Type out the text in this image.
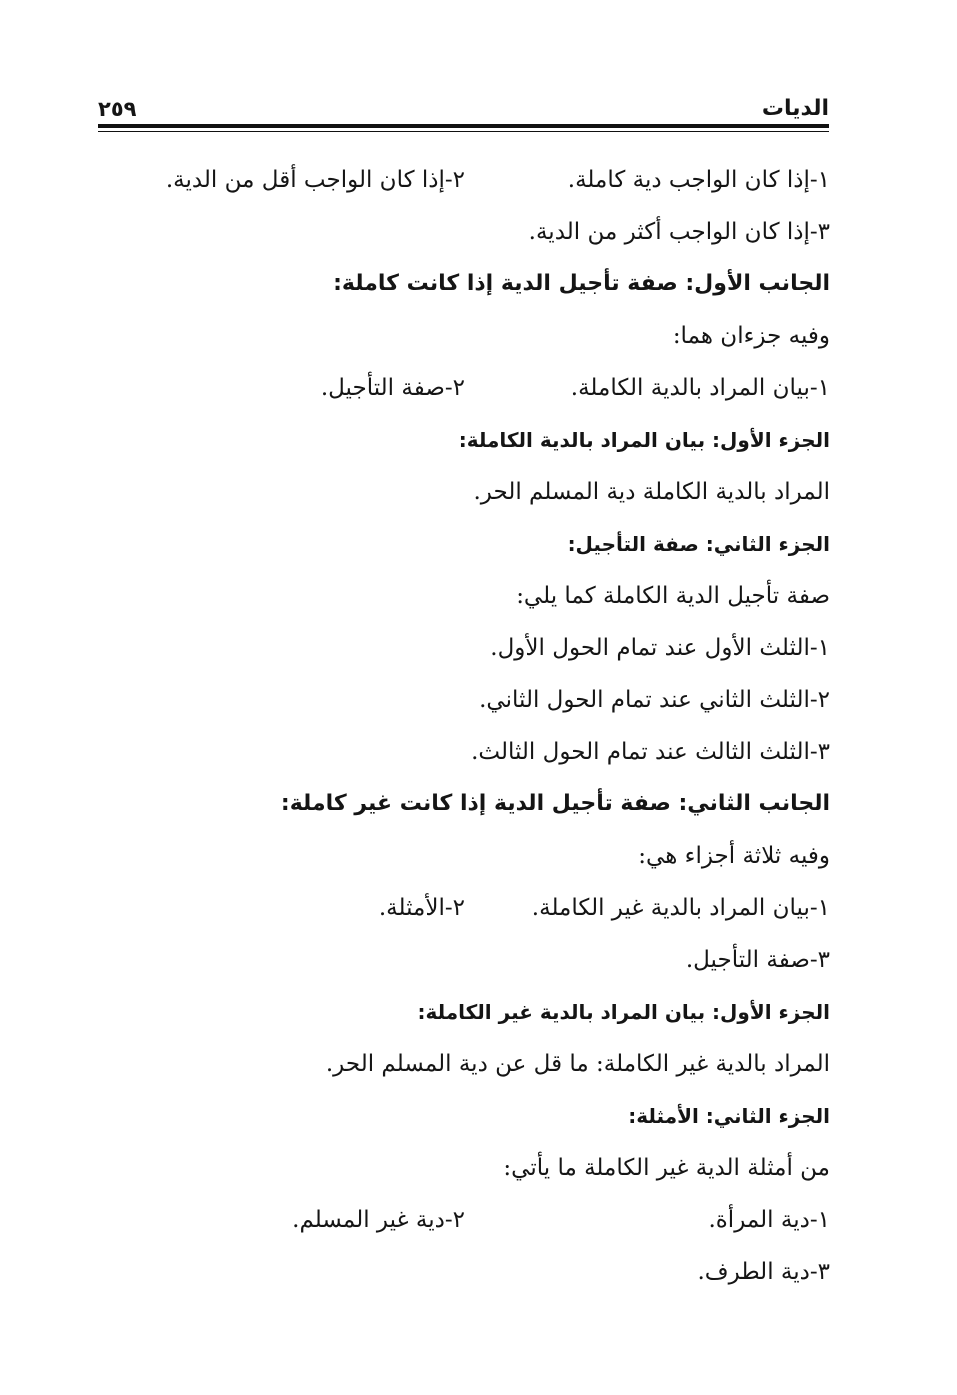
الديات
٢٥٩
١-إذا كان الواجب دية كاملة.
٢-إذا كان الواجب أقل من الدية.
٣-إذا كان الواجب أكثر من الدية.
الجانب الأول: صفة تأجيل الدية إذا كانت كاملة:
وفيه جزءان هما:
١-بيان المراد بالدية الكاملة.
٢-صفة التأجيل.
الجزء الأول: بيان المراد بالدية الكاملة:
المراد بالدية الكاملة دية المسلم الحر.
الجزء الثاني: صفة التأجيل:
صفة تأجيل الدية الكاملة كما يلي:
١-الثلث الأول عند تمام الحول الأول.
٢-الثلث الثاني عند تمام الحول الثاني.
٣-الثلث الثالث عند تمام الحول الثالث.
الجانب الثاني: صفة تأجيل الدية إذا كانت غير كاملة:
وفيه ثلاثة أجزاء هي:
١-بيان المراد بالدية غير الكاملة.
٢-الأمثلة.
٣-صفة التأجيل.
الجزء الأول: بيان المراد بالدية غير الكاملة:
المراد بالدية غير الكاملة: ما قل عن دية المسلم الحر.
الجزء الثاني: الأمثلة:
من أمثلة الدية غير الكاملة ما يأتي:
١-دية المرأة.
٢-دية غير المسلم.
٣-دية الطرف.
